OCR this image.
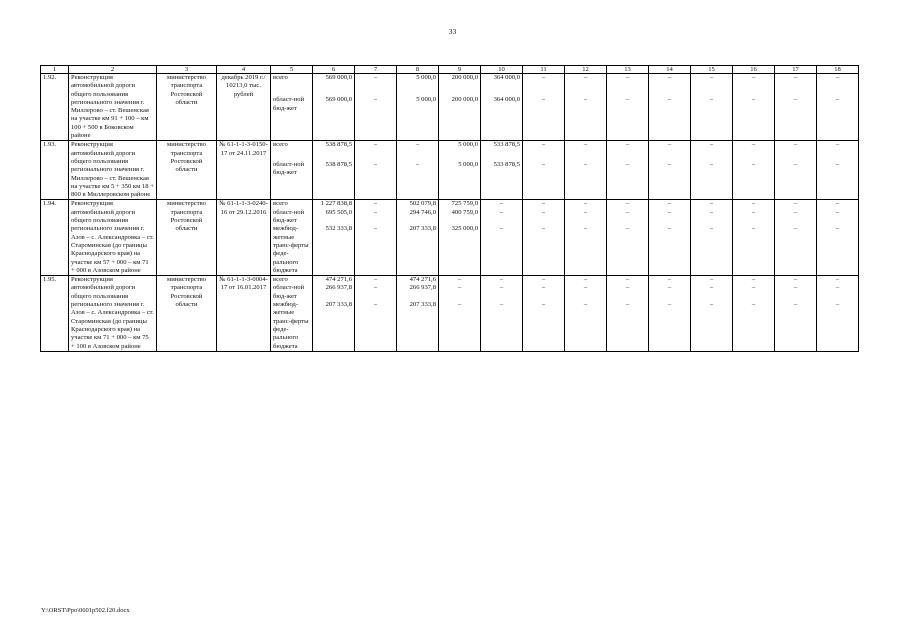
33
1	2	3	4	5	6	7	8	9	10	11	12	13	14	15	16	17	18
1.92.	Реконструкция автомобильной дороги общего пользования регионального значения г. Миллерово – ст. Вешенская на участке км 91 + 100 – км 100 + 500 в Боковском районе	министерство транспорта Ростовской области	декабрь 2019 г./ 10213,0 тыс. рублей	всего	569 000,0	–	5 000,0	200 000,0	364 000,0	–	–	–	–	–	–	–	–
				област-ной бюд-жет	569 000,0	–	5 000,0	200 000,0	364 000,0	–	–	–	–	–	–	–	–
1.93.	Реконструкция автомобильной дороги общего пользования регионального значения г. Миллерово – ст. Вешенская на участке км 5 + 350 км 18 + 800 в Миллеровском районе	министерство транспорта Ростовской области	№ 61-1-1-3-0150-17 от 24.11.2017	всего	538 878,5	–	–	5 000,0	533 878,5	–	–	–	–	–	–	–	–
				област-ной бюд-жет	538 878,5	–	–	5 000,0	533 878,5	–	–	–	–	–	–	–	–
1.94.	Реконструкция автомобильной дороги общего пользования регионального значения г. Азов – с. Александровка – ст. Староминская (до границы Краснодарского края) на участке км 57 + 000 – км 71 + 000 в Азовском районе	министерство транспорта Ростовской области	№ 61-1-1-3-0240-16 от 29.12.2016	всего	1 227 838,8	–	502 079,8	725 759,0	–	–	–	–	–	–	–	–	–
				област-ной бюд-жет	695 505,0	–	294 746,0	400 759,0	–	–	–	–	–	–	–	–	–
				межбюд-жетные транс-ферты феде-рального бюджета	532 333,8	–	207 333,8	325 000,0	–	–	–	–	–	–	–	–	–
1.95.	Реконструкция автомобильной дороги общего пользования регионального значения г. Азов – с. Александровка – ст. Староминская (до границы Краснодарского края) на участке км 71 + 000 – км 75 + 100 в Азовском районе	министерство транспорта Ростовской области	№ 61-1-1-3-0004-17 от 16.01.2017	всего	474 271,6	–	474 271,6	–	–	–	–	–	–	–	–	–	–
				област-ной бюд-жет	266 937,8	–	266 937,8	–	–	–	–	–	–	–	–	–	–
				межбюд-жетные транс-ферты феде-рального бюджета	207 333,8	–	207 333,8	–	–	–	–	–	–	–	–	–	–
Y:\ORST\Ppo\0601p502.f20.docx
